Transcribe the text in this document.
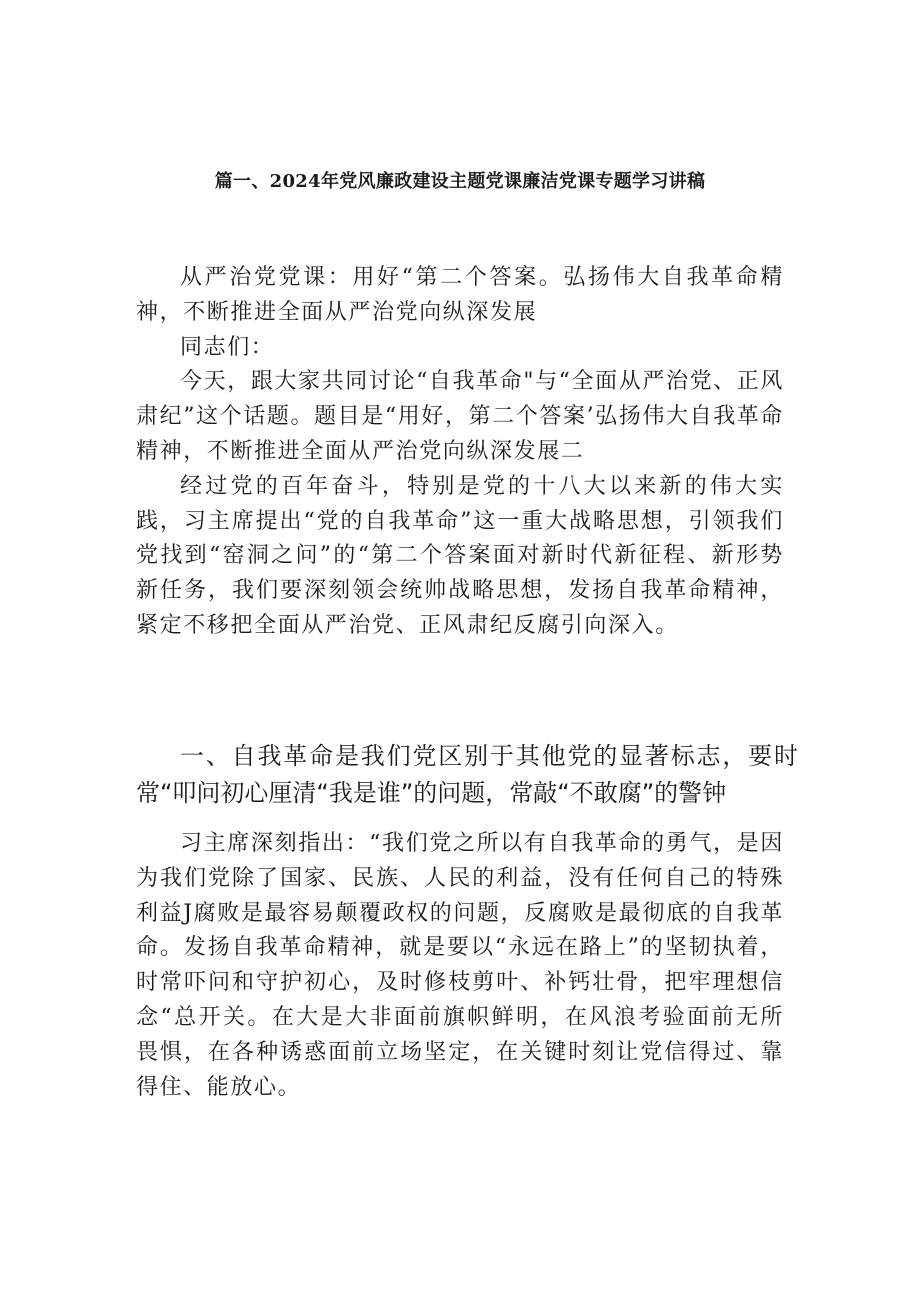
篇一、2024年党风廉政建设主题党课廉洁党课专题学习讲稿

从严治党党课：用好“第二个答案。弘扬伟大自我革命精神，不断推进全面从严治党向纵深发展

同志们：

今天，跟大家共同讨论“自我革命"与“全面从严治党、正风肃纪”这个话题。题目是“用好，第二个答案’弘扬伟大自我革命精神，不断推进全面从严治党向纵深发展二

经过党的百年奋斗，特别是党的十八大以来新的伟大实践，习主席提出“党的自我革命”这一重大战略思想，引领我们党找到“窑洞之问”的“第二个答案面对新时代新征程、新形势新任务，我们要深刻领会统帅战略思想，发扬自我革命精神，紧定不移把全面从严治党、正风肃纪反腐引向深入。

一、自我革命是我们党区别于其他党的显著标志，要时常“叩问初心厘清“我是谁”的问题，常敲“不敢腐”的警钟

习主席深刻指出：“我们党之所以有自我革命的勇气，是因为我们党除了国家、民族、人民的利益，没有任何自己的特殊利益J腐败是最容易颠覆政权的问题，反腐败是最彻底的自我革命。发扬自我革命精神，就是要以“永远在路上”的坚韧执着，时常吓问和守护初心，及时修枝剪叶、补钙壮骨，把牢理想信念“总开关。在大是大非面前旗帜鲜明，在风浪考验面前无所畏惧，在各种诱惑面前立场坚定，在关键时刻让党信得过、靠得住、能放心。
